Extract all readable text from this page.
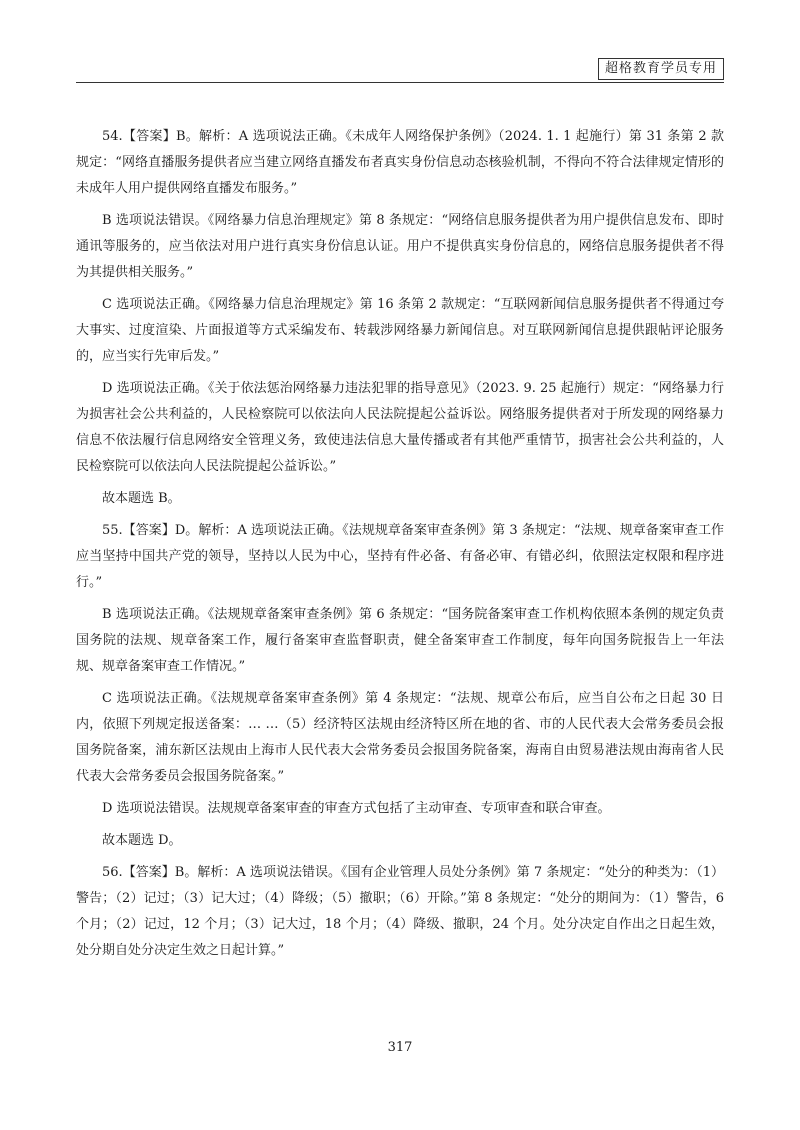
超格教育学员专用

54.【答案】B。解析：A 选项说法正确。《未成年人网络保护条例》（2024. 1. 1 起施行）第 31 条第 2 款规定：“网络直播服务提供者应当建立网络直播发布者真实身份信息动态核验机制，不得向不符合法律规定情形的未成年人用户提供网络直播发布服务。”

B 选项说法错误。《网络暴力信息治理规定》第 8 条规定：“网络信息服务提供者为用户提供信息发布、即时通讯等服务的，应当依法对用户进行真实身份信息认证。用户不提供真实身份信息的，网络信息服务提供者不得为其提供相关服务。”

C 选项说法正确。《网络暴力信息治理规定》第 16 条第 2 款规定：“互联网新闻信息服务提供者不得通过夸大事实、过度渲染、片面报道等方式采编发布、转载涉网络暴力新闻信息。对互联网新闻信息提供跟帖评论服务的，应当实行先审后发。”

D 选项说法正确。《关于依法惩治网络暴力违法犯罪的指导意见》（2023. 9. 25 起施行）规定：“网络暴力行为损害社会公共利益的，人民检察院可以依法向人民法院提起公益诉讼。网络服务提供者对于所发现的网络暴力信息不依法履行信息网络安全管理义务，致使违法信息大量传播或者有其他严重情节，损害社会公共利益的，人民检察院可以依法向人民法院提起公益诉讼。”

故本题选 B。

55.【答案】D。解析：A 选项说法正确。《法规规章备案审查条例》第 3 条规定：“法规、规章备案审查工作应当坚持中国共产党的领导，坚持以人民为中心，坚持有件必备、有备必审、有错必纠，依照法定权限和程序进行。”

B 选项说法正确。《法规规章备案审查条例》第 6 条规定：“国务院备案审查工作机构依照本条例的规定负责国务院的法规、规章备案工作，履行备案审查监督职责，健全备案审查工作制度，每年向国务院报告上一年法规、规章备案审查工作情况。”

C 选项说法正确。《法规规章备案审查条例》第 4 条规定：“法规、规章公布后，应当自公布之日起 30 日内，依照下列规定报送备案：… …（5）经济特区法规由经济特区所在地的省、市的人民代表大会常务委员会报国务院备案，浦东新区法规由上海市人民代表大会常务委员会报国务院备案，海南自由贸易港法规由海南省人民代表大会常务委员会报国务院备案。”

D 选项说法错误。法规规章备案审查的审查方式包括了主动审查、专项审查和联合审查。

故本题选 D。

56.【答案】B。解析：A 选项说法错误。《国有企业管理人员处分条例》第 7 条规定：“处分的种类为：（1）警告；（2）记过；（3）记大过；（4）降级；（5）撤职；（6）开除。”第 8 条规定：“处分的期间为：（1）警告，6 个月；（2）记过，12 个月；（3）记大过，18 个月；（4）降级、撤职，24 个月。处分决定自作出之日起生效，处分期自处分决定生效之日起计算。”

317
